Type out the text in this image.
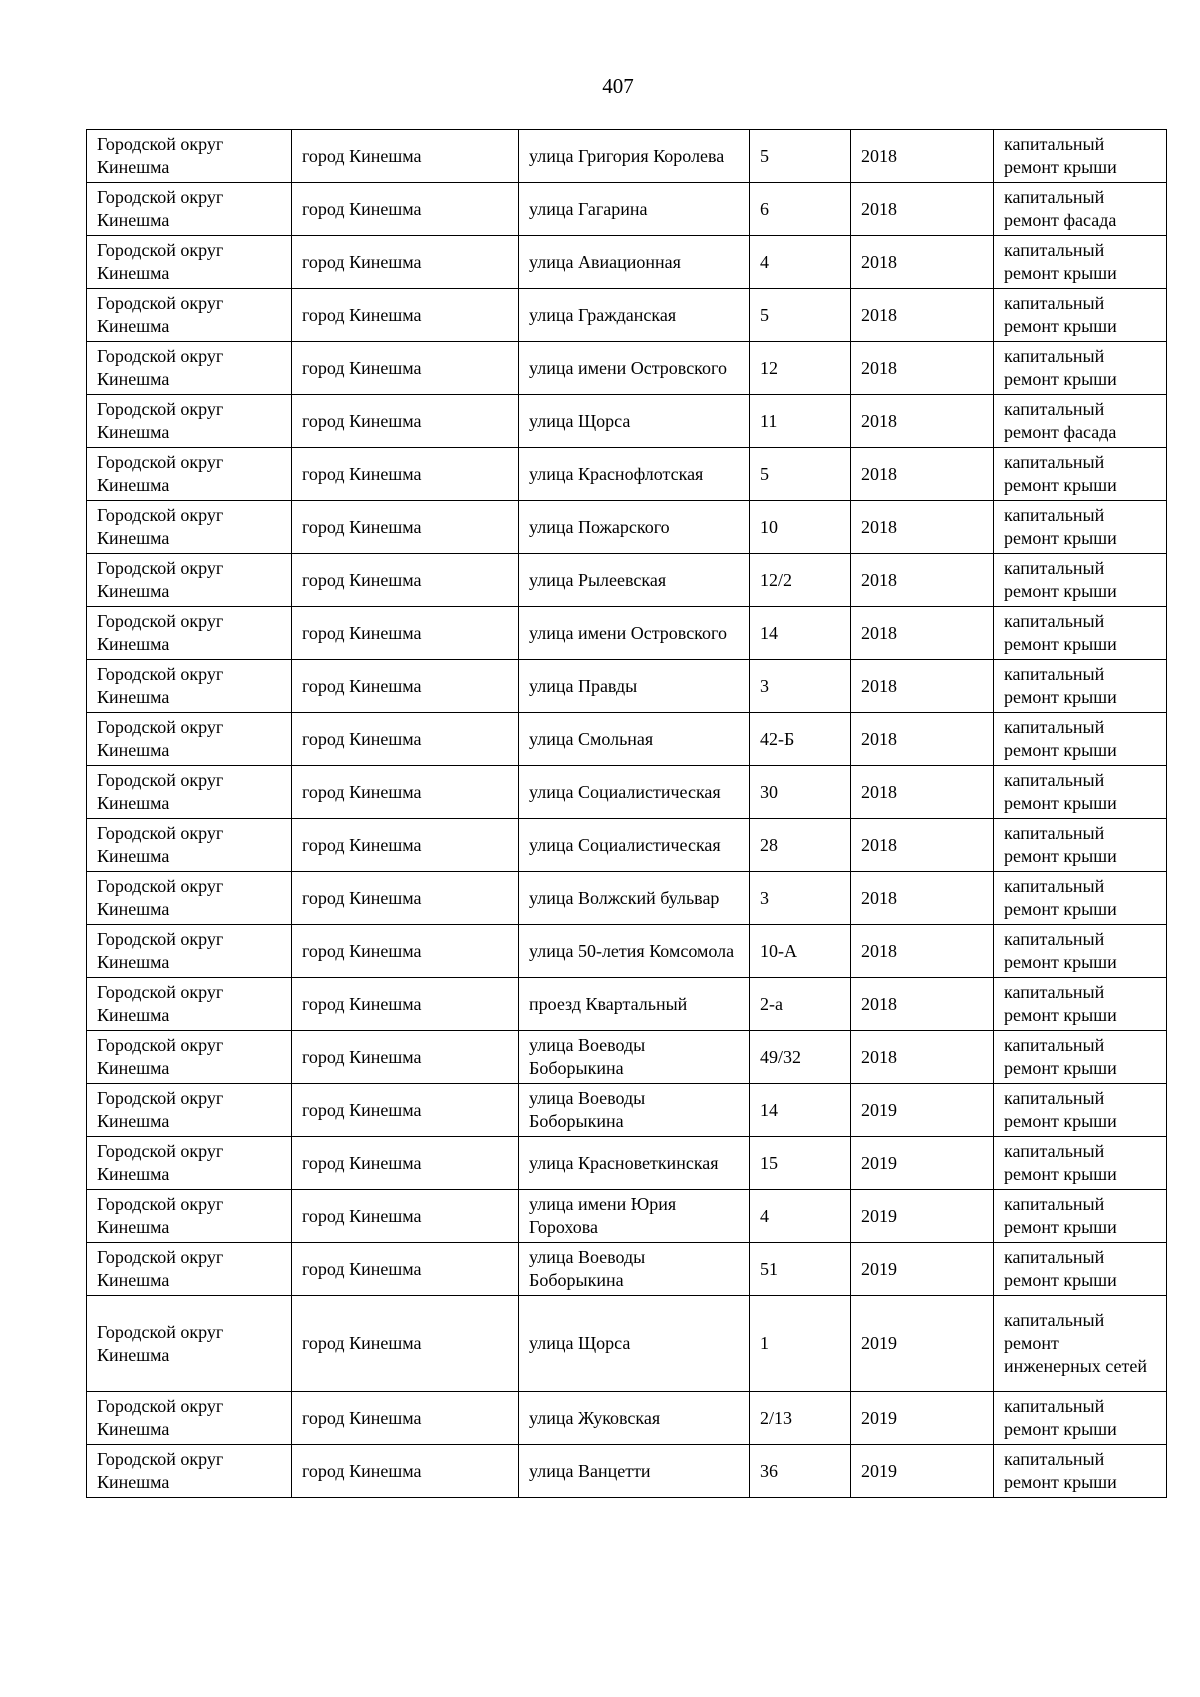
407
Городской округ Кинешма	город Кинешма	улица Григория Королева	5	2018	капитальный ремонт крыши
Городской округ Кинешма	город Кинешма	улица Гагарина	6	2018	капитальный ремонт фасада
Городской округ Кинешма	город Кинешма	улица Авиационная	4	2018	капитальный ремонт крыши
Городской округ Кинешма	город Кинешма	улица Гражданская	5	2018	капитальный ремонт крыши
Городской округ Кинешма	город Кинешма	улица имени Островского	12	2018	капитальный ремонт крыши
Городской округ Кинешма	город Кинешма	улица Щорса	11	2018	капитальный ремонт фасада
Городской округ Кинешма	город Кинешма	улица Краснофлотская	5	2018	капитальный ремонт крыши
Городской округ Кинешма	город Кинешма	улица Пожарского	10	2018	капитальный ремонт крыши
Городской округ Кинешма	город Кинешма	улица Рылеевская	12/2	2018	капитальный ремонт крыши
Городской округ Кинешма	город Кинешма	улица имени Островского	14	2018	капитальный ремонт крыши
Городской округ Кинешма	город Кинешма	улица Правды	3	2018	капитальный ремонт крыши
Городской округ Кинешма	город Кинешма	улица Смольная	42-Б	2018	капитальный ремонт крыши
Городской округ Кинешма	город Кинешма	улица Социалистическая	30	2018	капитальный ремонт крыши
Городской округ Кинешма	город Кинешма	улица Социалистическая	28	2018	капитальный ремонт крыши
Городской округ Кинешма	город Кинешма	улица Волжский бульвар	3	2018	капитальный ремонт крыши
Городской округ Кинешма	город Кинешма	улица 50-летия Комсомола	10-А	2018	капитальный ремонт крыши
Городской округ Кинешма	город Кинешма	проезд Квартальный	2-а	2018	капитальный ремонт крыши
Городской округ Кинешма	город Кинешма	улица Воеводы Боборыкина	49/32	2018	капитальный ремонт крыши
Городской округ Кинешма	город Кинешма	улица Воеводы Боборыкина	14	2019	капитальный ремонт крыши
Городской округ Кинешма	город Кинешма	улица Красноветкинская	15	2019	капитальный ремонт крыши
Городской округ Кинешма	город Кинешма	улица имени Юрия Горохова	4	2019	капитальный ремонт крыши
Городской округ Кинешма	город Кинешма	улица Воеводы Боборыкина	51	2019	капитальный ремонт крыши
Городской округ Кинешма	город Кинешма	улица Щорса	1	2019	капитальный ремонт инженерных сетей
Городской округ Кинешма	город Кинешма	улица Жуковская	2/13	2019	капитальный ремонт крыши
Городской округ Кинешма	город Кинешма	улица Ванцетти	36	2019	капитальный ремонт крыши
